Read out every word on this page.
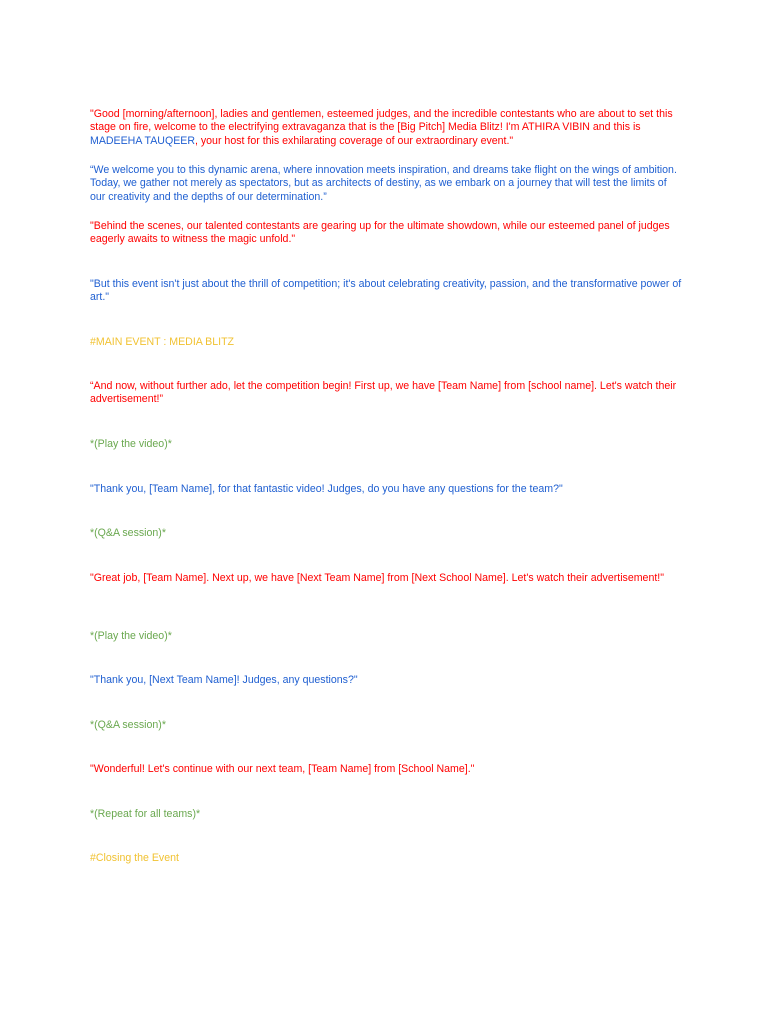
"Good [morning/afternoon], ladies and gentlemen, esteemed judges, and the incredible contestants who are about to set this stage on fire, welcome to the electrifying extravaganza that is the [Big Pitch] Media Blitz! I'm ATHIRA VIBIN and this is MADEEHA TAUQEER, your host for this exhilarating coverage of our extraordinary event."

“We welcome you to this dynamic arena, where innovation meets inspiration, and dreams take flight on the wings of ambition. Today, we gather not merely as spectators, but as architects of destiny, as we embark on a journey that will test the limits of our creativity and the depths of our determination.”

"Behind the scenes, our talented contestants are gearing up for the ultimate showdown, while our esteemed panel of judges eagerly awaits to witness the magic unfold."

"But this event isn't just about the thrill of competition; it's about celebrating creativity, passion, and the transformative power of art."

#MAIN EVENT : MEDIA BLITZ

“And now, without further ado, let the competition begin! First up, we have [Team Name] from [school name]. Let's watch their advertisement!”

*(Play the video)*

"Thank you, [Team Name], for that fantastic video! Judges, do you have any questions for the team?"

*(Q&A session)*

"Great job, [Team Name]. Next up, we have [Next Team Name] from [Next School Name]. Let's watch their advertisement!"

*(Play the video)*

"Thank you, [Next Team Name]! Judges, any questions?"

*(Q&A session)*

"Wonderful! Let's continue with our next team, [Team Name] from [School Name]."

*(Repeat for all teams)*

#Closing the Event
